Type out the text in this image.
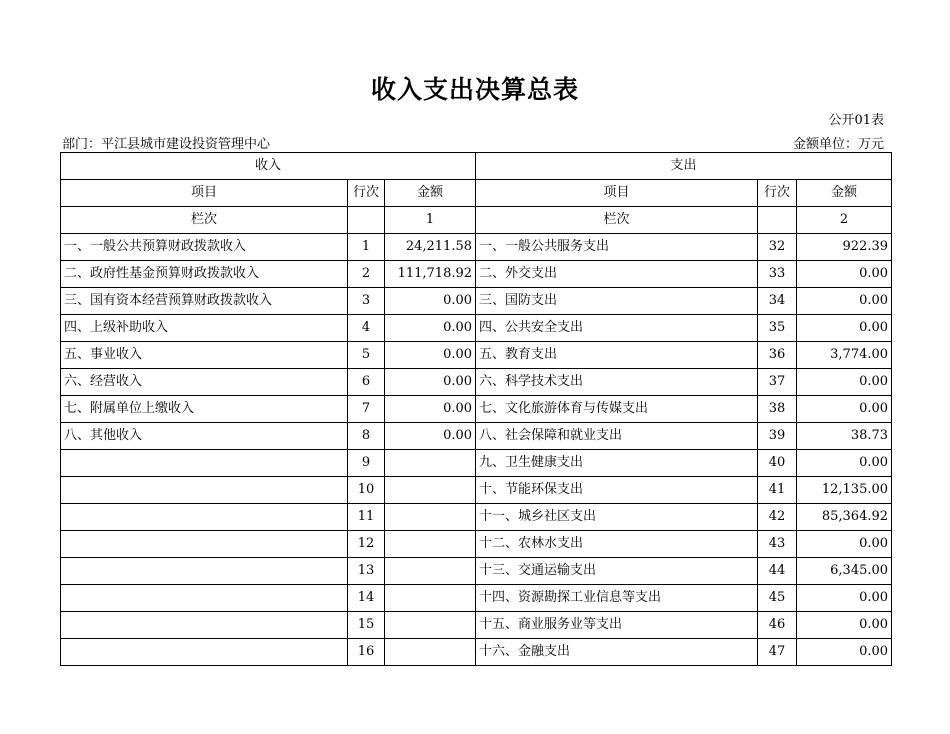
收入支出决算总表
公开01表
部门：平江县城市建设投资管理中心	金额单位：万元
收入			支出		
项目	行次	金额	项目	行次	金额
栏次		1	栏次		2
一、一般公共预算财政拨款收入	1	24,211.58	一、一般公共服务支出	32	922.39
二、政府性基金预算财政拨款收入	2	111,718.92	二、外交支出	33	0.00
三、国有资本经营预算财政拨款收入	3	0.00	三、国防支出	34	0.00
四、上级补助收入	4	0.00	四、公共安全支出	35	0.00
五、事业收入	5	0.00	五、教育支出	36	3,774.00
六、经营收入	6	0.00	六、科学技术支出	37	0.00
七、附属单位上缴收入	7	0.00	七、文化旅游体育与传媒支出	38	0.00
八、其他收入	8	0.00	八、社会保障和就业支出	39	38.73
	9		九、卫生健康支出	40	0.00
	10		十、节能环保支出	41	12,135.00
	11		十一、城乡社区支出	42	85,364.92
	12		十二、农林水支出	43	0.00
	13		十三、交通运输支出	44	6,345.00
	14		十四、资源勘探工业信息等支出	45	0.00
	15		十五、商业服务业等支出	46	0.00
	16		十六、金融支出	47	0.00
